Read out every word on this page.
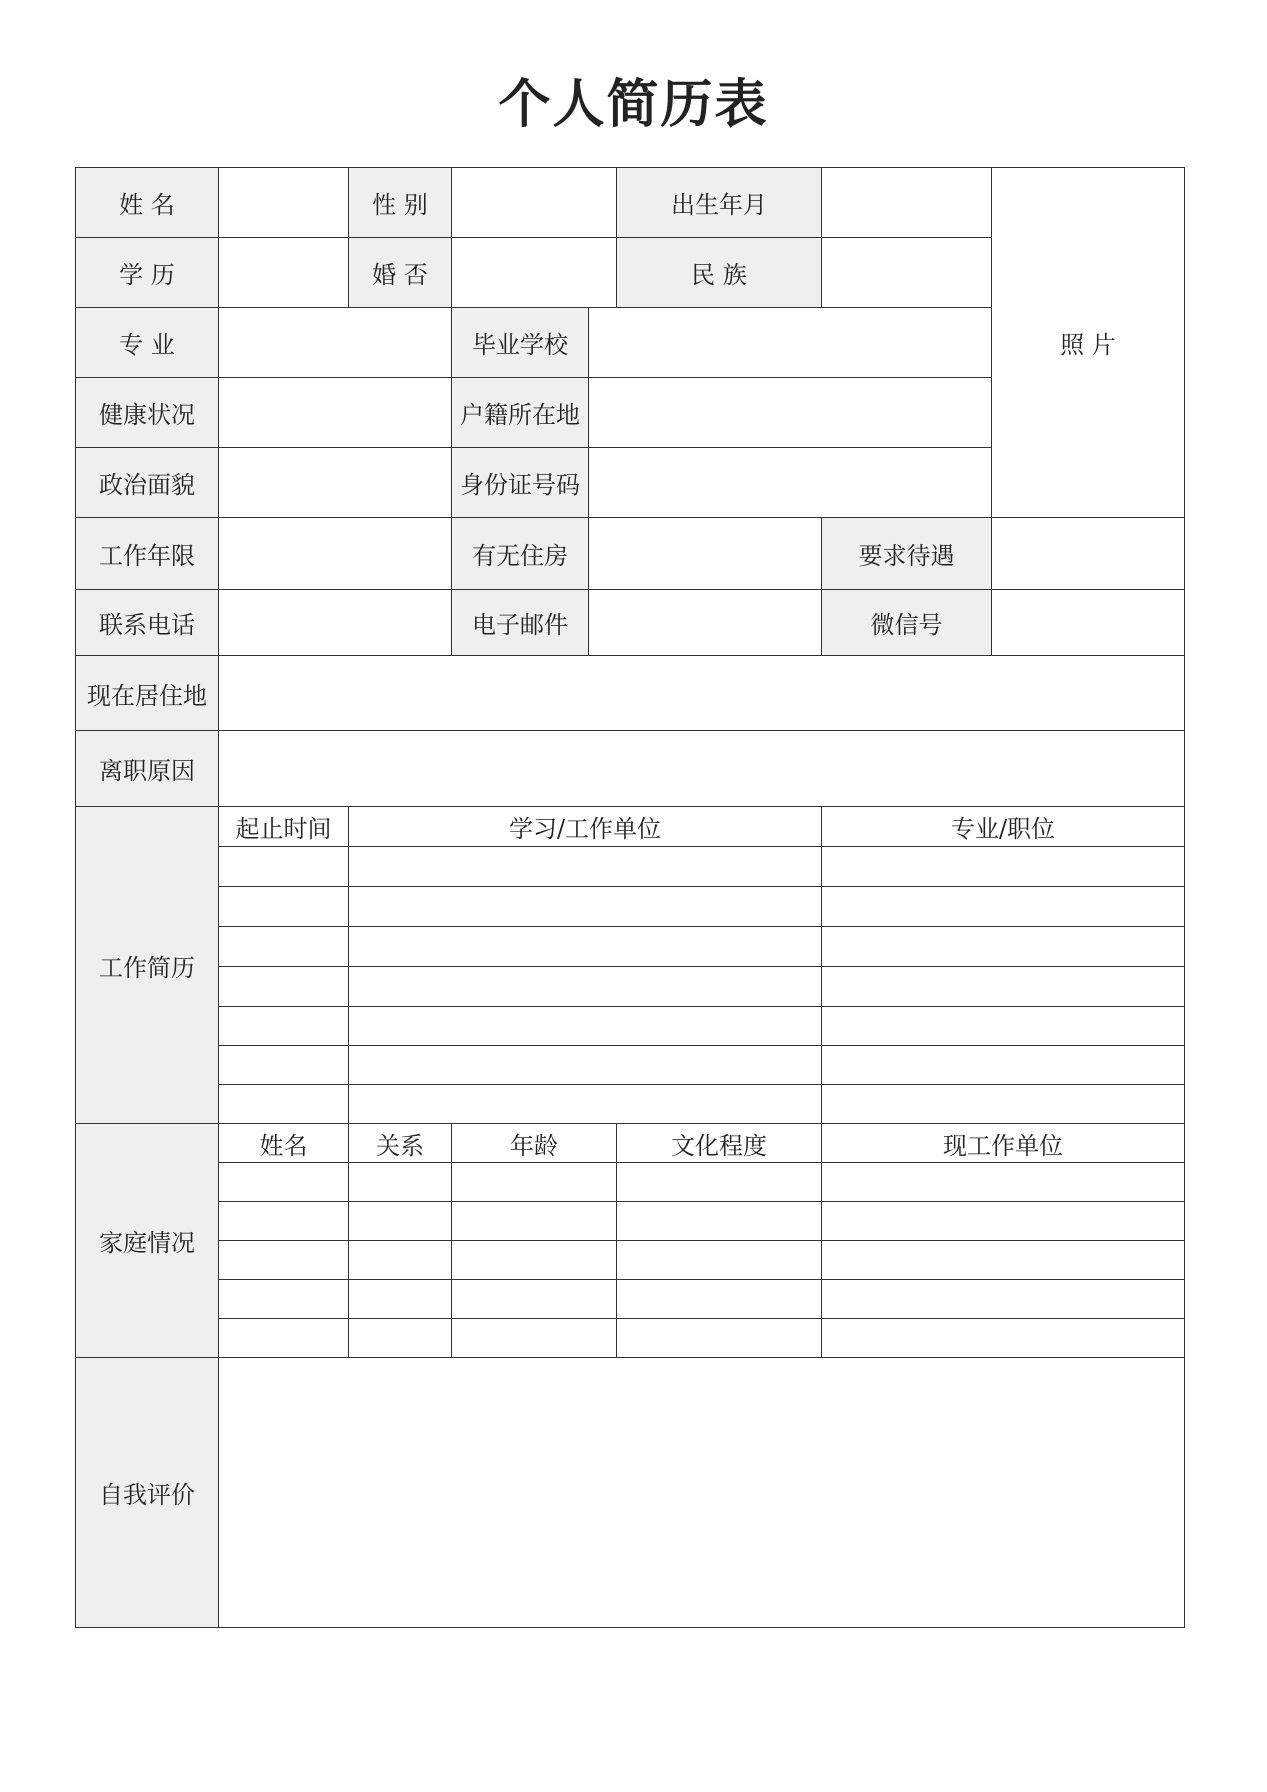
个人简历表
姓 名		性 别			出生年月		照 片
学 历		婚 否			民 族		
专 业			毕业学校				
健康状况			户籍所在地				
政治面貌			身份证号码				
工作年限			有无住房			要求待遇	
联系电话			电子邮件			微信号	
现在居住地							
离职原因							
工作简历	起止时间	学习/工作单位				专业/职位	

家庭情况	姓名	关系	年龄		文化程度	现工作单位	

自我评价							
